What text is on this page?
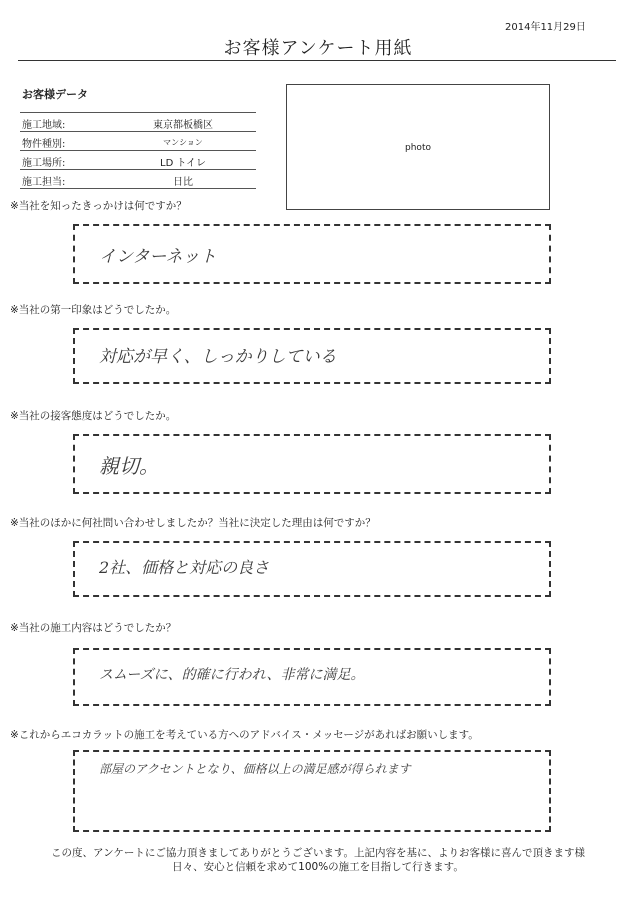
2014年11月29日
お客様アンケート用紙
お客様データ
施工地域:	東京都板橋区
物件種別:	マンション
施工場所:	LD トイレ
施工担当:	日比
photo
※当社を知ったきっかけは何ですか？
インターネット
※当社の第一印象はどうでしたか。
対応が早く、しっかりしている
※当社の接客態度はどうでしたか。
親切。
※当社のほかに何社問い合わせしましたか？当社に決定した理由は何ですか？
2社、価格と対応の良さ
※当社の施工内容はどうでしたか？
スムーズに、的確に行われ、非常に満足。
※これからエコカラットの施工を考えている方へのアドバイス・メッセージがあればお願いします。
部屋のアクセントとなり、価格以上の満足感が得られます
この度、アンケートにご協力頂きましてありがとうございます。上記内容を基に、よりお客様に喜んで頂きます様
日々、安心と信頼を求めて100%の施工を目指して行きます。
